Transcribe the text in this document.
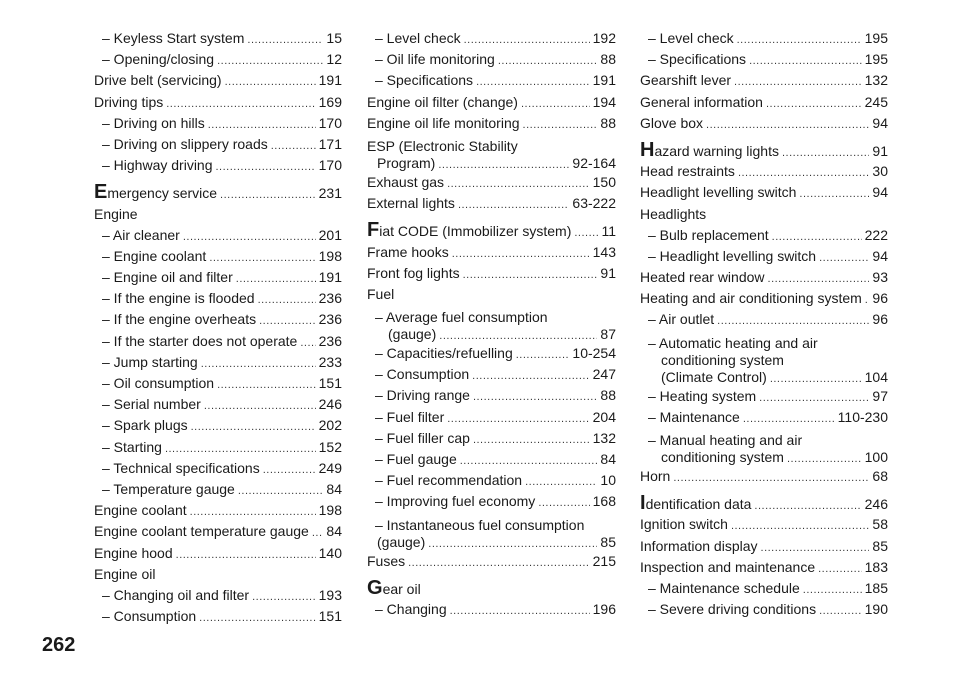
– Keyless Start system .....	15
– Opening/closing .....	12
Drive belt (servicing) .....	191
Driving tips .....	169
– Driving on hills .....	170
– Driving on slippery roads .....	171
– Highway driving .....	170
Emergency service .....	231
Engine
– Air cleaner .....	201
– Engine coolant .....	198
– Engine oil and filter .....	191
– If the engine is flooded .....	236
– If the engine overheats .....	236
– If the starter does not operate ..... 236
– Jump starting .....	233
– Oil consumption .....	151
– Serial number .....	246
– Spark plugs .....	202
– Starting .....	152
– Technical specifications .....	249
– Temperature gauge .....	84
Engine coolant .....	198
Engine coolant temperature gauge ..... 84
Engine hood .....	140
Engine oil
– Changing oil and filter .....	193
– Consumption .....	151
– Level check .....	192
– Oil life monitoring .....	88
– Specifications .....	191
Engine oil filter (change) .....	194
Engine oil life monitoring .....	88
ESP (Electronic Stability
Program) .....	92-164
Exhaust gas .....	150
External lights .....	63-222
Fiat CODE (Immobilizer system) ..... 11
Frame hooks .....	143
Front fog lights .....	91
Fuel
– Average fuel consumption
(gauge) .....	87
– Capacities/refuelling .....	10-254
– Consumption .....	247
– Driving range .....	88
– Fuel filter .....	204
– Fuel filler cap .....	132
– Fuel gauge .....	84
– Fuel recommendation .....	10
– Improving fuel economy .....	168
– Instantaneous fuel consumption
(gauge) .....	85
Fuses .....	215
Gear oil
– Changing .....	196
– Level check .....	195
– Specifications .....	195
Gearshift lever .....	132
General information .....	245
Glove box .....	94
Hazard warning lights .....	91
Head restraints .....	30
Headlight levelling switch .....	94
Headlights
– Bulb replacement .....	222
– Headlight levelling switch .....	94
Heated rear window .....	93
Heating and air conditioning system ..... 96
– Air outlet .....	96
– Automatic heating and air
conditioning system
(Climate Control) .....	104
– Heating system .....	97
– Maintenance .....	110-230
– Manual heating and air
conditioning system .....	100
Horn .....	68
Identification data .....	246
Ignition switch .....	58
Information display .....	85
Inspection and maintenance .....	183
– Maintenance schedule .....	185
– Severe driving conditions .....	190
262
